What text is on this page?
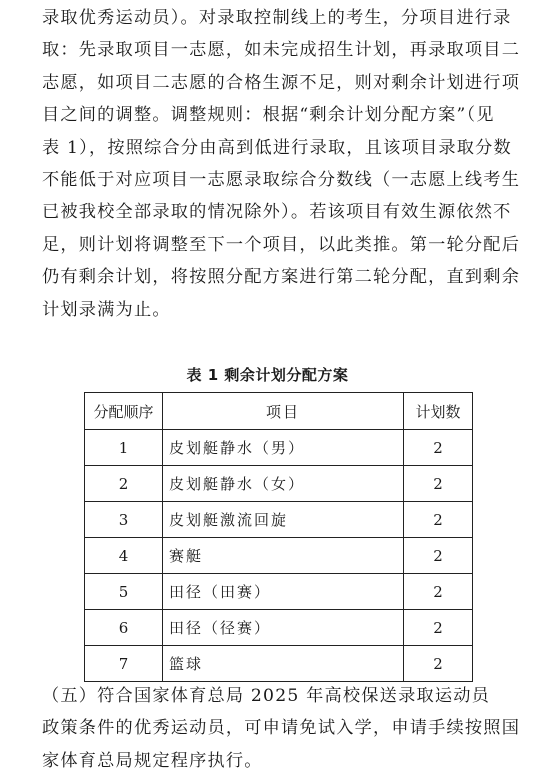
录取优秀运动员）。对录取控制线上的考生，分项目进行录
取：先录取项目一志愿，如未完成招生计划，再录取项目二
志愿，如项目二志愿的合格生源不足，则对剩余计划进行项
目之间的调整。调整规则：根据“剩余计划分配方案”（见
表 1），按照综合分由高到低进行录取，且该项目录取分数
不能低于对应项目一志愿录取综合分数线（一志愿上线考生
已被我校全部录取的情况除外）。若该项目有效生源依然不
足，则计划将调整至下一个项目，以此类推。第一轮分配后
仍有剩余计划，将按照分配方案进行第二轮分配，直到剩余
计划录满为止。
表 1 剩余计划分配方案
分配顺序	项目	计划数
1	皮划艇静水（男）	2
2	皮划艇静水（女）	2
3	皮划艇激流回旋	2
4	赛艇	2
5	田径（田赛）	2
6	田径（径赛）	2
7	篮球	2
（五）符合国家体育总局 2025 年高校保送录取运动员
政策条件的优秀运动员，可申请免试入学，申请手续按照国
家体育总局规定程序执行。
